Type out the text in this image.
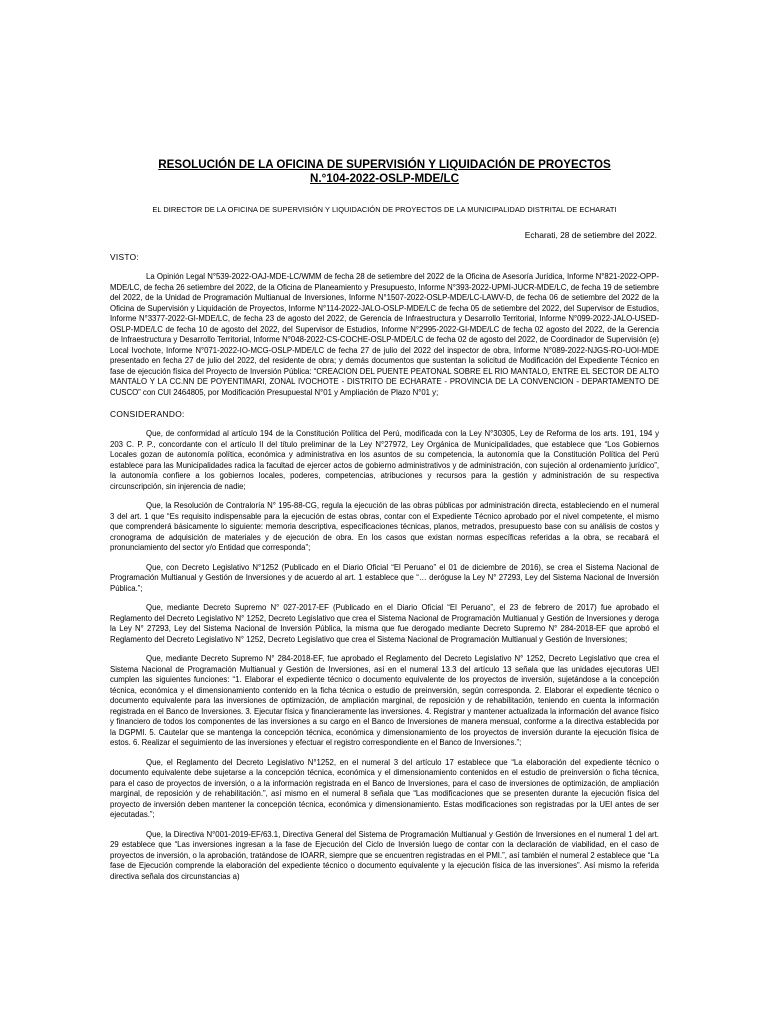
RESOLUCIÓN DE LA OFICINA DE SUPERVISIÓN Y LIQUIDACIÓN DE PROYECTOS

N.°104-2022-OSLP-MDE/LC

EL DIRECTOR DE LA OFICINA DE SUPERVISIÓN Y LIQUIDACIÓN DE PROYECTOS DE LA MUNICIPALIDAD DISTRITAL DE ECHARATI

Echarati, 28 de setiembre del 2022.

VISTO:

La Opinión Legal N°539-2022-OAJ-MDE-LC/WMM de fecha 28 de setiembre del 2022 de la Oficina de Asesoría Jurídica, Informe N°821-2022-OPP-MDE/LC, de fecha 26 setiembre del 2022, de la Oficina de Planeamiento y Presupuesto, Informe N°393-2022-UPMI-JUCR-MDE/LC, de fecha 19 de setiembre del 2022, de la Unidad de Programación Multianual de Inversiones, Informe N°1507-2022-OSLP-MDE/LC-LAWV-D, de fecha 06 de setiembre del 2022 de la Oficina de Supervisión y Liquidación de Proyectos, Informe N°114-2022-JALO-OSLP-MDE/LC de fecha 05 de setiembre del 2022, del Supervisor de Estudios, Informe N°3377-2022-GI-MDE/LC, de fecha 23 de agosto del 2022, de Gerencia de Infraestructura y Desarrollo Territorial, Informe N°099-2022-JALO-USED-OSLP-MDE/LC de fecha 10 de agosto del 2022, del Supervisor de Estudios, Informe N°2995-2022-GI-MDE/LC de fecha 02 agosto del 2022, de la Gerencia de Infraestructura y Desarrollo Territorial, Informe N°048-2022-CS-COCHE-OSLP-MDE/LC de fecha 02 de agosto del 2022, de Coordinador de Supervisión (e) Local Ivochote, Informe N°071-2022-IO-MCG-OSLP-MDE/LC de fecha 27 de julio del 2022 del inspector de obra, Informe N°089-2022-NJGS-RO-UOI-MDE presentado en fecha 27 de julio del 2022, del residente de obra; y demás documentos que sustentan la solicitud de Modificación del Expediente Técnico en fase de ejecución física del Proyecto de Inversión Pública: “CREACION DEL PUENTE PEATONAL SOBRE EL RIO MANTALO, ENTRE EL SECTOR DE ALTO MANTALO Y LA CC.NN DE POYENTIMARI, ZONAL IVOCHOTE - DISTRITO DE ECHARATE - PROVINCIA DE LA CONVENCION - DEPARTAMENTO DE CUSCO” con CUI 2464805, por Modificación Presupuestal N°01 y Ampliación de Plazo N°01 y;

CONSIDERANDO:

Que, de conformidad al artículo 194 de la Constitución Política del Perú, modificada con la Ley N°30305, Ley de Reforma de los arts. 191, 194 y 203 C. P. P., concordante con el artículo II del título preliminar de la Ley N°27972, Ley Orgánica de Municipalidades, que establece que “Los Gobiernos Locales gozan de autonomía política, económica y administrativa en los asuntos de su competencia, la autonomía que la Constitución Política del Perú establece para las Municipalidades radica la facultad de ejercer actos de gobierno administrativos y de administración, con sujeción al ordenamiento jurídico”, la autonomía confiere a los gobiernos locales, poderes, competencias, atribuciones y recursos para la gestión y administración de su respectiva circunscripción, sin injerencia de nadie;

Que, la Resolución de Contraloría N° 195-88-CG, regula la ejecución de las obras públicas por administración directa, estableciendo en el numeral 3 del art. 1 que “Es requisito indispensable para la ejecución de estas obras, contar con el Expediente Técnico aprobado por el nivel competente, el mismo que comprenderá básicamente lo siguiente: memoria descriptiva, especificaciones técnicas, planos, metrados, presupuesto base con su análisis de costos y cronograma de adquisición de materiales y de ejecución de obra. En los casos que existan normas específicas referidas a la obra, se recabará el pronunciamiento del sector y/o Entidad que corresponda”;

Que, con Decreto Legislativo N°1252 (Publicado en el Diario Oficial “El Peruano” el 01 de diciembre de 2016), se crea el Sistema Nacional de Programación Multianual y Gestión de Inversiones y de acuerdo al art. 1 establece que “… deróguse la Ley N° 27293, Ley del Sistema Nacional de Inversión Pública.”;

Que, mediante Decreto Supremo N° 027-2017-EF (Publicado en el Diario Oficial “El Peruano”, el 23 de febrero de 2017) fue aprobado el Reglamento del Decreto Legislativo N° 1252, Decreto Legislativo que crea el Sistema Nacional de Programación Multianual y Gestión de Inversiones y deroga la Ley N° 27293, Ley del Sistema Nacional de Inversión Pública, la misma que fue derogado mediante Decreto Supremo N° 284-2018-EF que aprobó el Reglamento del Decreto Legislativo N° 1252, Decreto Legislativo que crea el Sistema Nacional de Programación Multianual y Gestión de Inversiones;

Que, mediante Decreto Supremo N° 284-2018-EF, fue aprobado el Reglamento del Decreto Legislativo N° 1252, Decreto Legislativo que crea el Sistema Nacional de Programación Multianual y Gestión de Inversiones, así en el numeral 13.3 del artículo 13 señala que las unidades ejecutoras UEI cumplen las siguientes funciones: “1. Elaborar el expediente técnico o documento equivalente de los proyectos de inversión, sujetándose a la concepción técnica, económica y el dimensionamiento contenido en la ficha técnica o estudio de preinversión, según corresponda. 2. Elaborar el expediente técnico o documento equivalente para las inversiones de optimización, de ampliación marginal, de reposición y de rehabilitación, teniendo en cuenta la información registrada en el Banco de Inversiones. 3. Ejecutar física y financieramente las inversiones. 4. Registrar y mantener actualizada la información del avance físico y financiero de todos los componentes de las inversiones a su cargo en el Banco de Inversiones de manera mensual, conforme a la directiva establecida por la DGPMI. 5. Cautelar que se mantenga la concepción técnica, económica y dimensionamiento de los proyectos de inversión durante la ejecución física de estos. 6. Realizar el seguimiento de las inversiones y efectuar el registro correspondiente en el Banco de Inversiones.”;

Que, el Reglamento del Decreto Legislativo N°1252, en el numeral 3 del artículo 17 establece que “La elaboración del expediente técnico o documento equivalente debe sujetarse a la concepción técnica, económica y el dimensionamiento contenidos en el estudio de preinversión o ficha técnica, para el caso de proyectos de inversión, o a la información registrada en el Banco de Inversiones, para el caso de inversiones de optimización, de ampliación marginal, de reposición y de rehabilitación.”, así mismo en el numeral 8 señala que “Las modificaciones que se presenten durante la ejecución física del proyecto de inversión deben mantener la concepción técnica, económica y dimensionamiento. Estas modificaciones son registradas por la UEI antes de ser ejecutadas.”;

Que, la Directiva N°001-2019-EF/63.1, Directiva General del Sistema de Programación Multianual y Gestión de Inversiones en el numeral 1 del art. 29 establece que “Las inversiones ingresan a la fase de Ejecución del Ciclo de Inversión luego de contar con la declaración de viabilidad, en el caso de proyectos de inversión, o la aprobación, tratándose de IOARR, siempre que se encuentren registradas en el PMI.”, así también el numeral 2 establece que “La fase de Ejecución comprende la elaboración del expediente técnico o documento equivalente y la ejecución física de las inversiones”. Así mismo la referida directiva señala dos circunstancias a)
